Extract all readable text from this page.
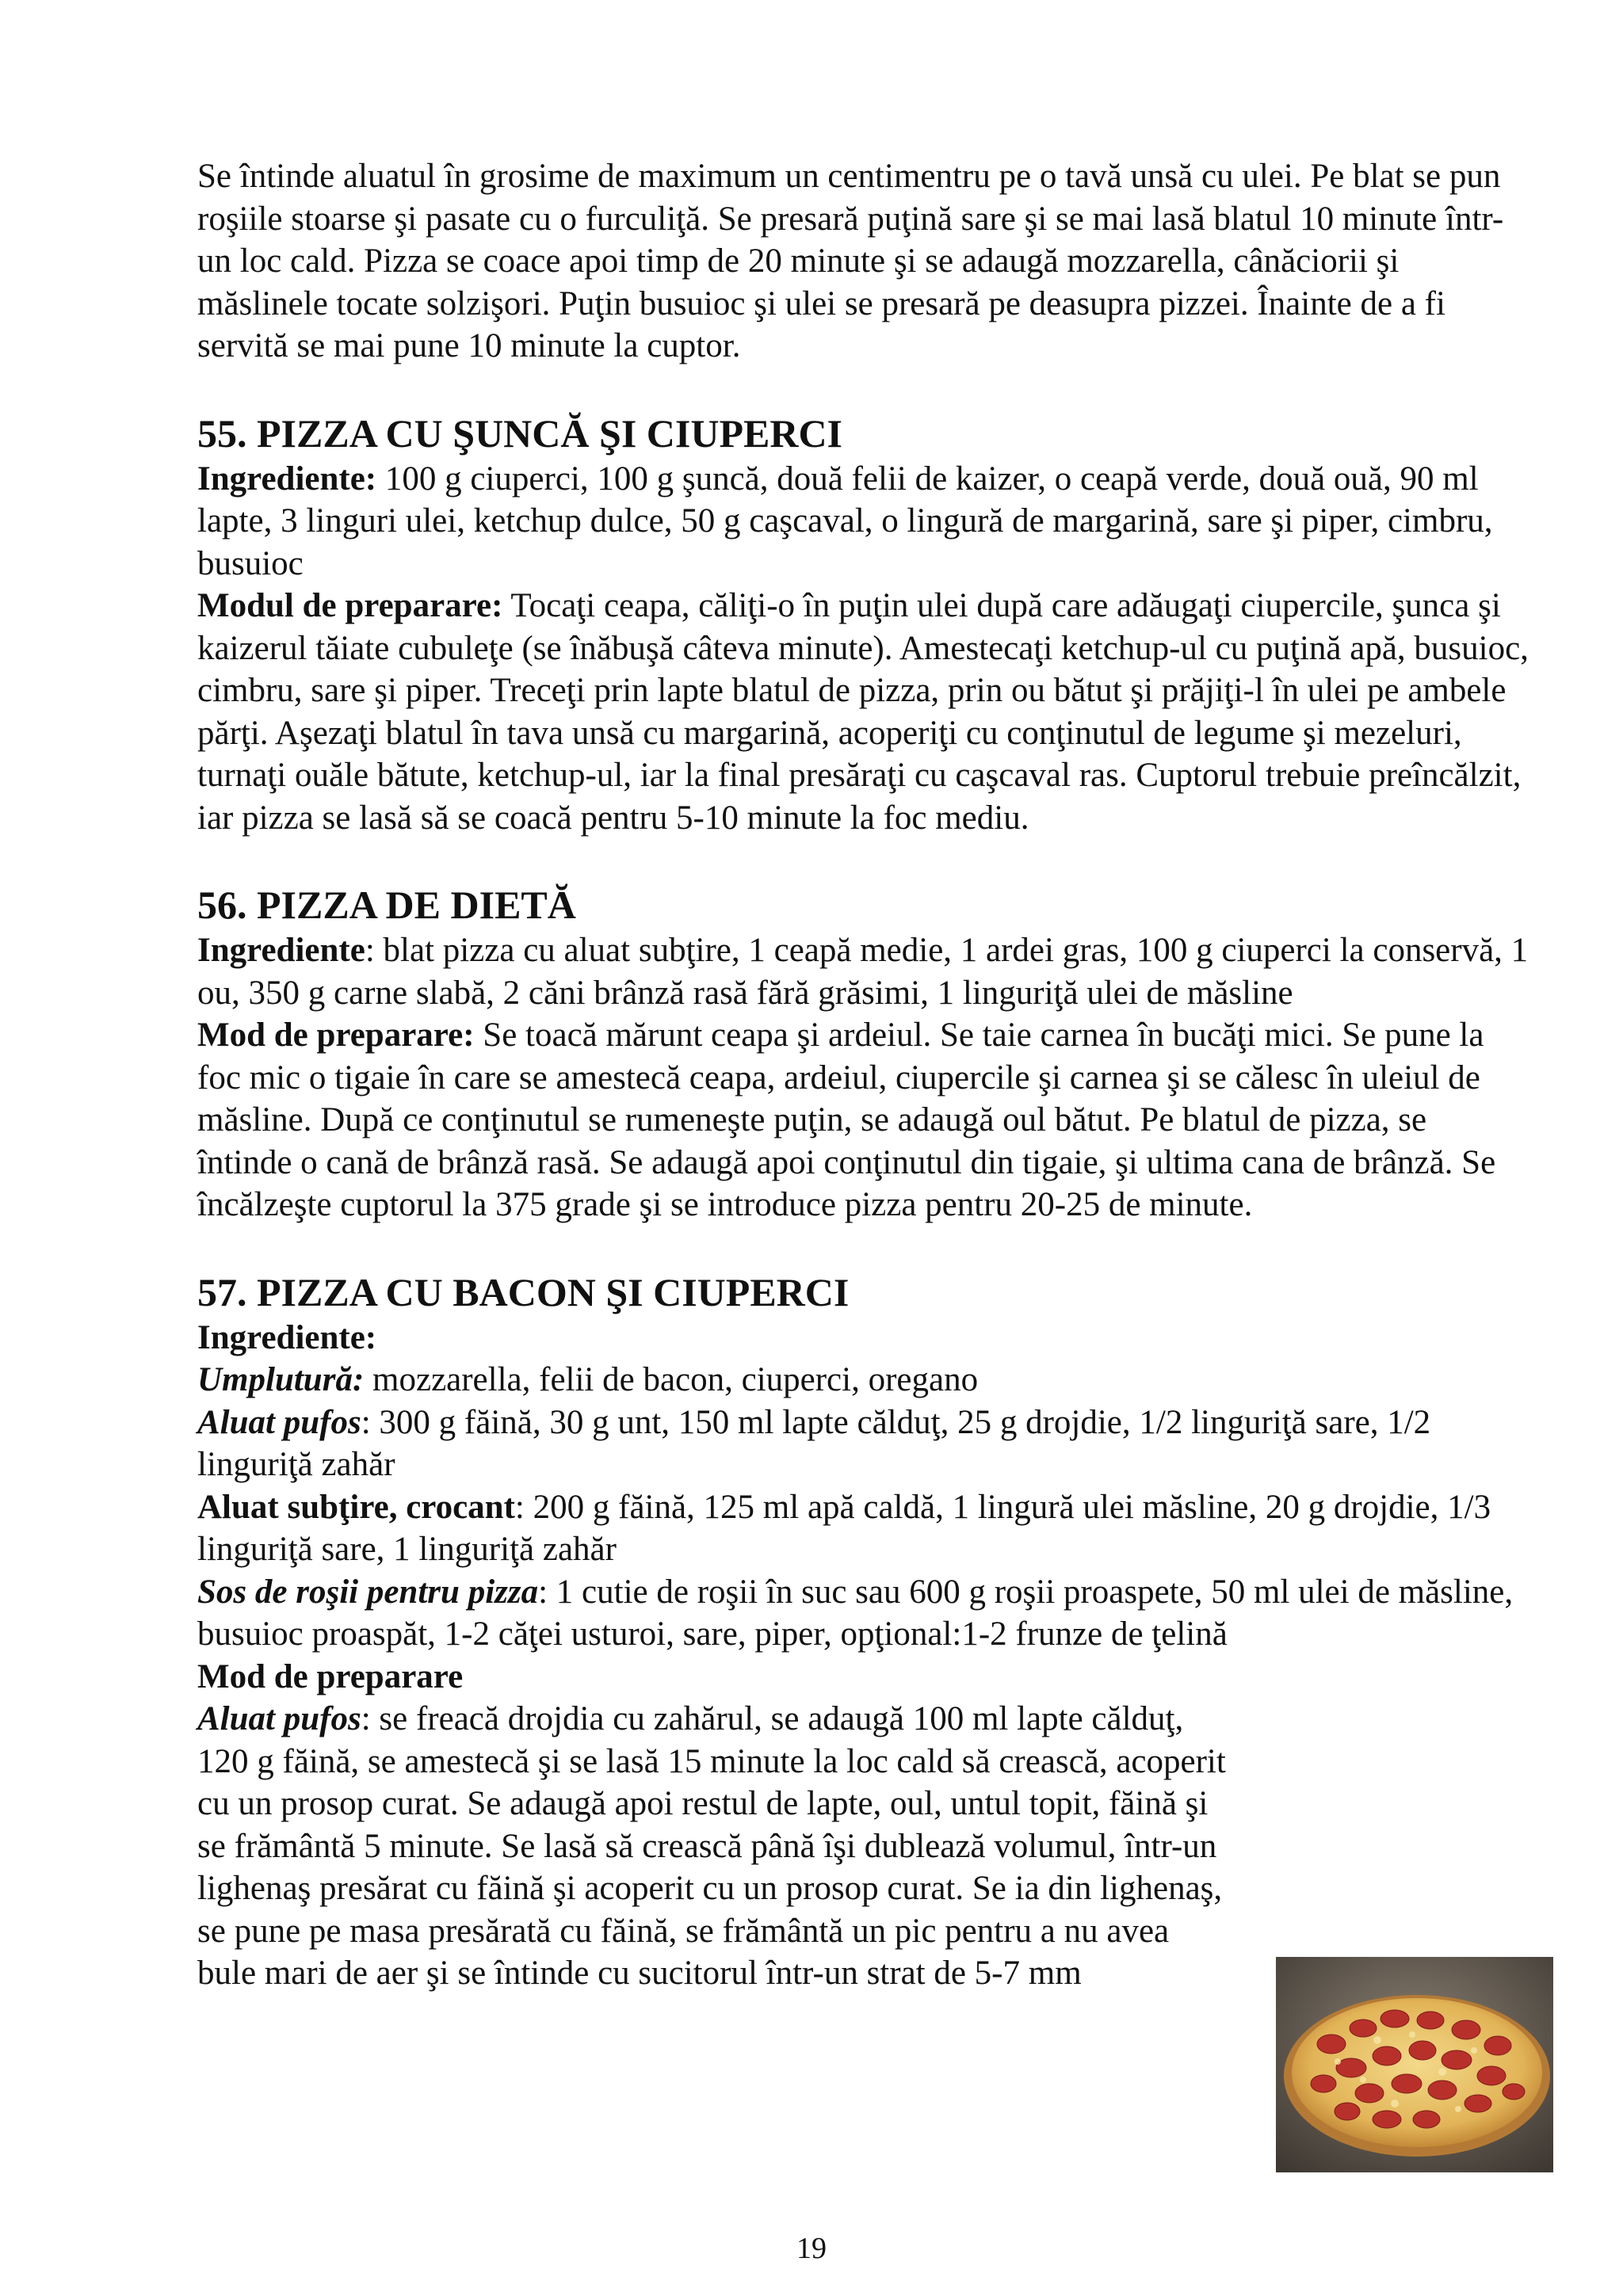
Se întinde aluatul în grosime de maximum un centimentru pe o tavă unsă cu ulei. Pe blat se pun roşiile stoarse şi pasate cu o furculiţă. Se presară puţină sare şi se mai lasă blatul 10 minute într-un loc cald. Pizza se coace apoi timp de 20 minute şi se adaugă mozzarella, cânăciorii şi măslinele tocate solzişori. Puţin busuioc şi ulei se presară pe deasupra pizzei. Înainte de a fi servită se mai pune 10 minute la cuptor.

55. PIZZA CU ŞUNCĂ ŞI CIUPERCI

Ingrediente: 100 g ciuperci, 100 g şuncă, două felii de kaizer, o ceapă verde, două ouă, 90 ml lapte, 3 linguri ulei, ketchup dulce, 50 g caşcaval, o lingură de margarină, sare şi piper, cimbru, busuioc

Modul de preparare: Tocaţi ceapa, căliţi-o în puţin ulei după care adăugaţi ciupercile, şunca şi kaizerul tăiate cubuleţe (se înăbuşă câteva minute). Amestecaţi ketchup-ul cu puţină apă, busuioc, cimbru, sare şi piper. Treceţi prin lapte blatul de pizza, prin ou bătut şi prăjiţi-l în ulei pe ambele părţi. Aşezaţi blatul în tava unsă cu margarină, acoperiţi cu conţinutul de legume şi mezeluri, turnaţi ouăle bătute, ketchup-ul, iar la final presăraţi cu caşcaval ras. Cuptorul trebuie preîncălzit, iar pizza se lasă să se coacă pentru 5-10 minute la foc mediu.

56. PIZZA DE DIETĂ

Ingrediente: blat pizza cu aluat subţire, 1 ceapă medie, 1 ardei gras, 100 g ciuperci la conservă, 1 ou, 350 g carne slabă, 2 căni brânză rasă fără grăsimi, 1 linguriţă ulei de măsline

Mod de preparare: Se toacă mărunt ceapa şi ardeiul. Se taie carnea în bucăţi mici. Se pune la foc mic o tigaie în care se amestecă ceapa, ardeiul, ciupercile şi carnea şi se călesc în uleiul de măsline. După ce conţinutul se rumeneşte puţin, se adaugă oul bătut. Pe blatul de pizza, se întinde o cană de brânză rasă. Se adaugă apoi conţinutul din tigaie, şi ultima cana de brânză. Se încălzeşte cuptorul la 375 grade şi se introduce pizza pentru 20-25 de minute.

57. PIZZA CU BACON ŞI CIUPERCI

Ingrediente:

Umplutură: mozzarella, felii de bacon, ciuperci, oregano

Aluat pufos: 300 g făină, 30 g unt, 150 ml lapte călduţ, 25 g drojdie, 1/2 linguriţă sare, 1/2 linguriţă zahăr

Aluat subţire, crocant: 200 g făină, 125 ml apă caldă, 1 lingură ulei măsline, 20 g drojdie, 1/3 linguriţă sare, 1 linguriţă zahăr

Sos de roşii pentru pizza: 1 cutie de roşii în suc sau 600 g roşii proaspete, 50 ml ulei de măsline, busuioc proaspăt, 1-2 căţei usturoi, sare, piper, opţional:1-2 frunze de ţelină

Mod de preparare

Aluat pufos: se freacă drojdia cu zahărul, se adaugă 100 ml lapte călduţ, 120 g făină, se amestecă şi se lasă 15 minute la loc cald să crească, acoperit cu un prosop curat. Se adaugă apoi restul de lapte, oul, untul topit, făină şi se frământă 5 minute. Se lasă să crească până îşi dublează volumul, într-un lighenaş presărat cu făină şi acoperit cu un prosop curat. Se ia din lighenaş, se pune pe masa presărată cu făină, se frământă un pic pentru a nu avea bule mari de aer şi se întinde cu sucitorul într-un strat de 5-7 mm

19
